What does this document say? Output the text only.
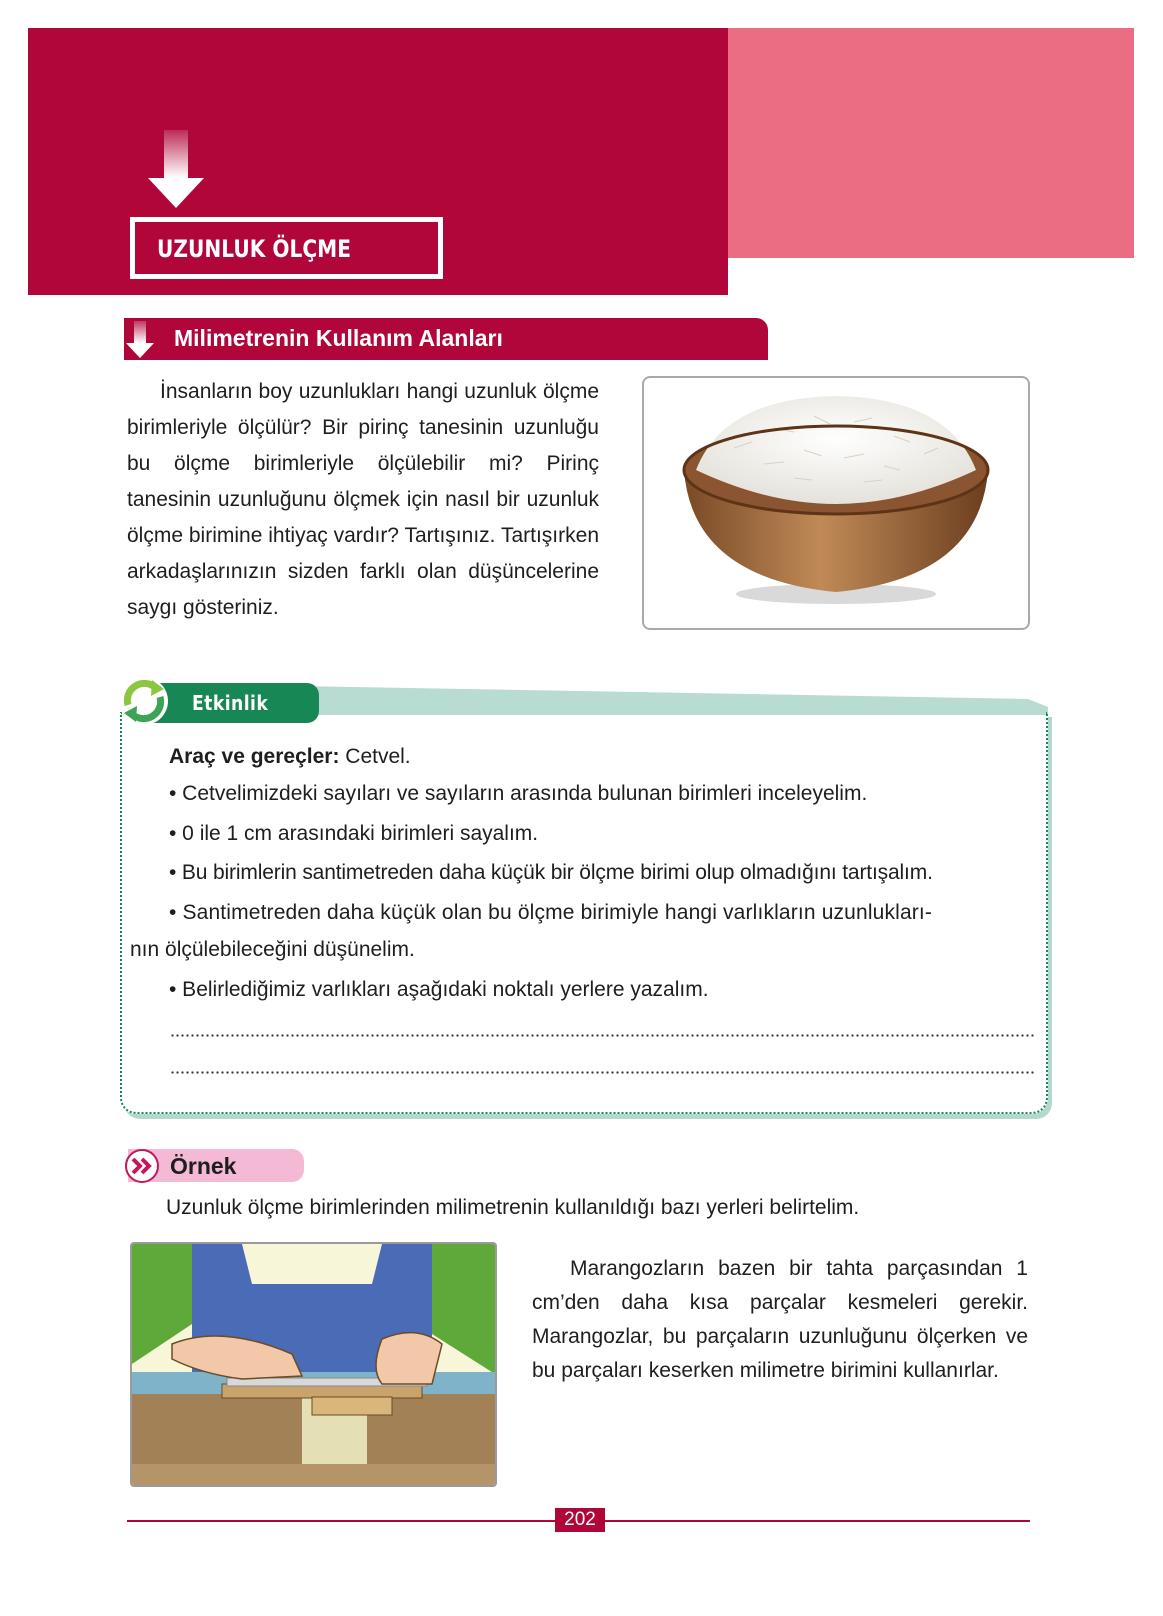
UZUNLUK ÖLÇME
Milimetrenin Kullanım Alanları

İnsanların boy uzunlukları hangi uzunluk ölçme birimleriyle ölçülür? Bir pirinç tanesinin uzunluğu bu ölçme birimleriyle ölçülebilir mi? Pirinç tanesinin uzunluğunu ölçmek için nasıl bir uzunluk ölçme birimine ihtiyaç vardır? Tartışınız. Tartışırken arkadaşlarınızın sizden farklı olan düşüncelerine saygı gösteriniz.

Etkinlik
Araç ve gereçler: Cetvel.
• Cetvelimizdeki sayıları ve sayıların arasında bulunan birimleri inceleyelim.
• 0 ile 1 cm arasındaki birimleri sayalım.
• Bu birimlerin santimetreden daha küçük bir ölçme birimi olup olmadığını tartışalım.
• Santimetreden daha küçük olan bu ölçme birimiyle hangi varlıkların uzunlukları-
nın ölçülebileceğini düşünelim.
• Belirlediğimiz varlıkları aşağıdaki noktalı yerlere yazalım.
Örnek
Uzunluk ölçme birimlerinden milimetrenin kullanıldığı bazı yerleri belirtelim.

Marangozların bazen bir tahta parçasından 1 cm’den daha kısa parçalar kesmeleri gerekir. Marangozlar, bu parçaların uzunluğunu ölçerken ve bu parçaları keserken milimetre birimini kullanırlar.

202
